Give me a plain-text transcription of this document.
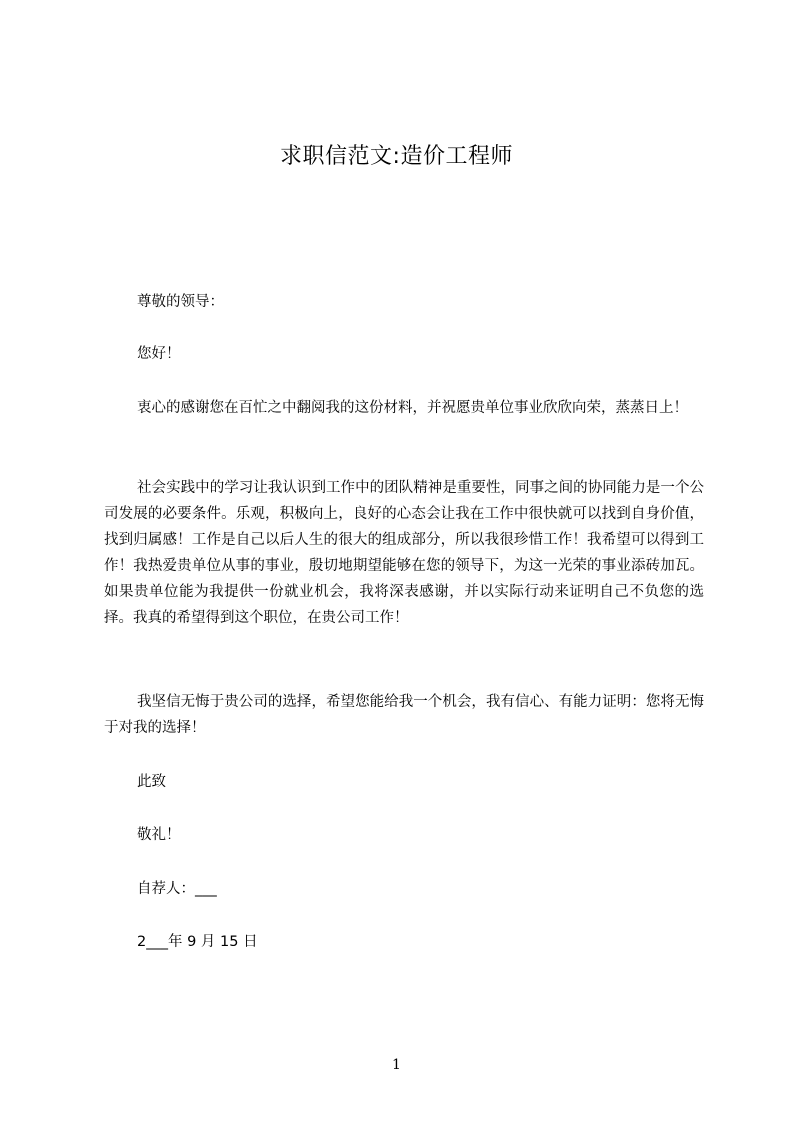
求职信范文:造价工程师
尊敬的领导：
您好！
衷心的感谢您在百忙之中翻阅我的这份材料，并祝愿贵单位事业欣欣向荣，蒸蒸日上！
社会实践中的学习让我认识到工作中的团队精神是重要性，同事之间的协同能力是一个公司发展的必要条件。乐观，积极向上，良好的心态会让我在工作中很快就可以找到自身价值，找到归属感！工作是自己以后人生的很大的组成部分，所以我很珍惜工作！我希望可以得到工作！我热爱贵单位从事的事业，殷切地期望能够在您的领导下，为这一光荣的事业添砖加瓦。如果贵单位能为我提供一份就业机会，我将深表感谢，并以实际行动来证明自己不负您的选择。我真的希望得到这个职位，在贵公司工作！
我坚信无悔于贵公司的选择，希望您能给我一个机会，我有信心、有能力证明：您将无悔于对我的选择！
此致
敬礼！
自荐人：___
2___年 9 月 15 日
1
